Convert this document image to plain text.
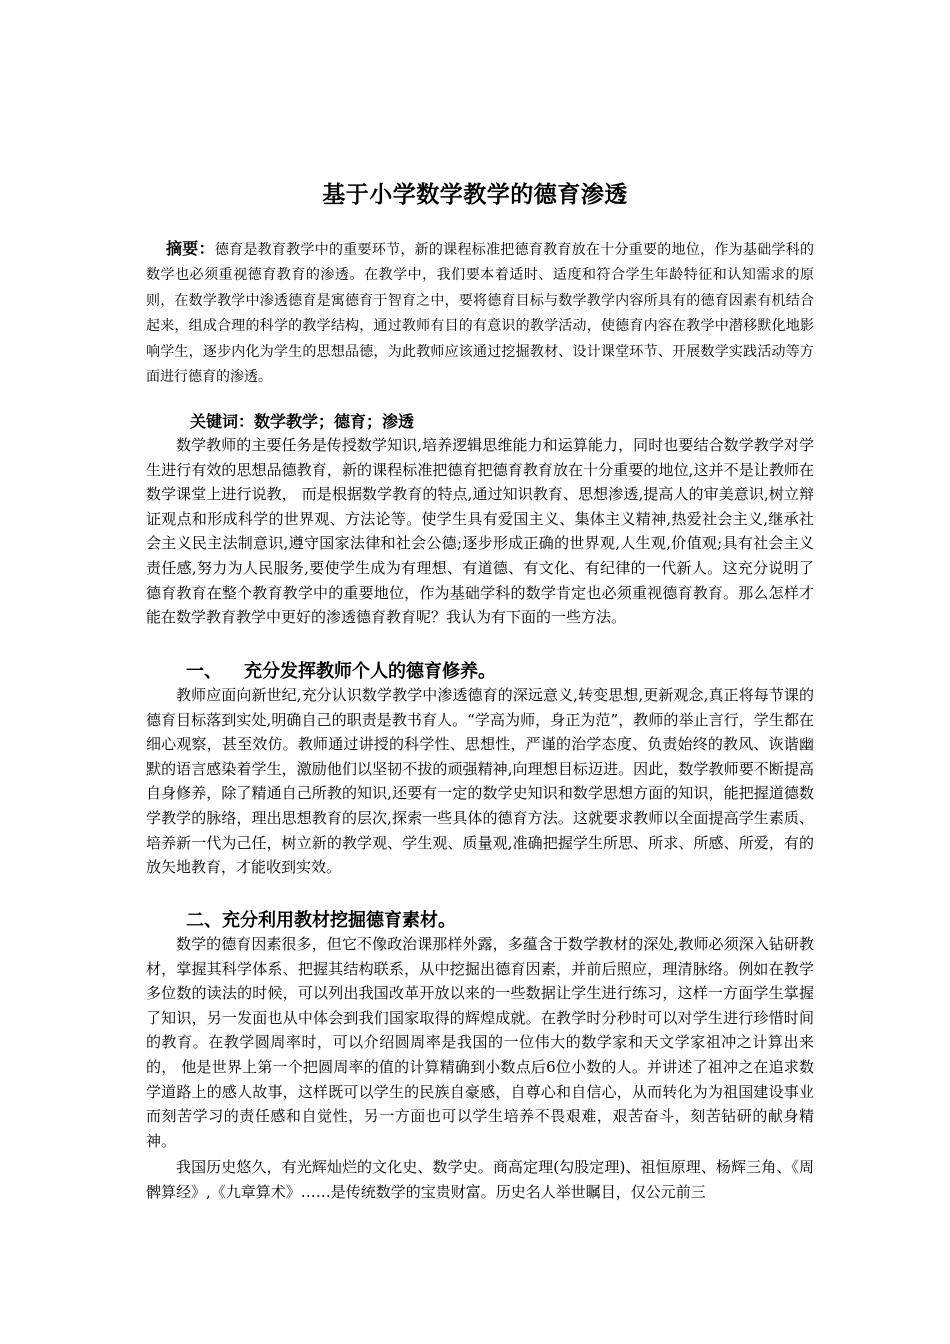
基于小学数学教学的德育渗透

摘要：德育是教育教学中的重要环节，新的课程标准把德育教育放在十分重要的地位，作为基础学科的数学也必须重视德育教育的渗透。在教学中，我们要本着适时、适度和符合学生年龄特征和认知需求的原则，在数学教学中渗透德育是寓德育于智育之中，要将德育目标与数学教学内容所具有的德育因素有机结合起来，组成合理的科学的教学结构，通过教师有目的有意识的教学活动，使德育内容在教学中潜移默化地影响学生，逐步内化为学生的思想品德，为此教师应该通过挖掘教材、设计课堂环节、开展数学实践活动等方面进行德育的渗透。

关键词：数学教学；德育；渗透

数学教师的主要任务是传授数学知识,培养逻辑思维能力和运算能力，同时也要结合数学教学对学生进行有效的思想品德教育，新的课程标准把德育把德育教育放在十分重要的地位,这并不是让教师在数学课堂上进行说教， 而是根据数学教育的特点,通过知识教育、思想渗透,提高人的审美意识,树立辩证观点和形成科学的世界观、方法论等。使学生具有爱国主义、集体主义精神,热爱社会主义,继承社会主义民主法制意识,遵守国家法律和社会公德;逐步形成正确的世界观,人生观,价值观;具有社会主义责任感,努力为人民服务,要使学生成为有理想、有道德、有文化、有纪律的一代新人。这充分说明了德育教育在整个教育教学中的重要地位，作为基础学科的数学肯定也必须重视德育教育。那么怎样才能在数学教育教学中更好的渗透德育教育呢？我认为有下面的一些方法。

一、 充分发挥教师个人的德育修养。

教师应面向新世纪,充分认识数学教学中渗透德育的深远意义,转变思想,更新观念,真正将每节课的德育目标落到实处,明确自己的职责是教书育人。“学高为师，身正为范”，教师的举止言行，学生都在细心观察，甚至效仿。教师通过讲授的科学性、思想性，严谨的治学态度、负责始终的教风、诙谐幽默的语言感染着学生，激励他们以坚韧不拔的顽强精神,向理想目标迈进。因此，数学教师要不断提高自身修养，除了精通自己所教的知识,还要有一定的数学史知识和数学思想方面的知识，能把握道德数学教学的脉络，理出思想教育的层次,探索一些具体的德育方法。这就要求教师以全面提高学生素质、培养新一代为己任，树立新的教学观、学生观、质量观,准确把握学生所思、所求、所感、所爱，有的放矢地教育，才能收到实效。

二、充分利用教材挖掘德育素材。

数学的德育因素很多，但它不像政治课那样外露，多蕴含于数学教材的深处,教师必须深入钻研教材，掌握其科学体系、把握其结构联系，从中挖掘出德育因素，并前后照应，理清脉络。例如在教学多位数的读法的时候，可以列出我国改革开放以来的一些数据让学生进行练习，这样一方面学生掌握了知识，另一发面也从中体会到我们国家取得的辉煌成就。在教学时分秒时可以对学生进行珍惜时间的教育。在教学圆周率时，可以介绍圆周率是我国的一位伟大的数学家和天文学家祖冲之计算出来的， 他是世界上第一个把圆周率的值的计算精确到小数点后6位小数的人。并讲述了祖冲之在追求数学道路上的感人故事，这样既可以学生的民族自豪感，自尊心和自信心，从而转化为为祖国建设事业而刻苦学习的责任感和自觉性，另一方面也可以学生培养不畏艰难，艰苦奋斗，刻苦钻研的献身精神。

我国历史悠久，有光辉灿烂的文化史、数学史。商高定理(勾股定理)、祖恒原理、杨辉三角、《周髀算经》,《九章算术》……是传统数学的宝贵财富。历史名人举世瞩目，仅公元前三
